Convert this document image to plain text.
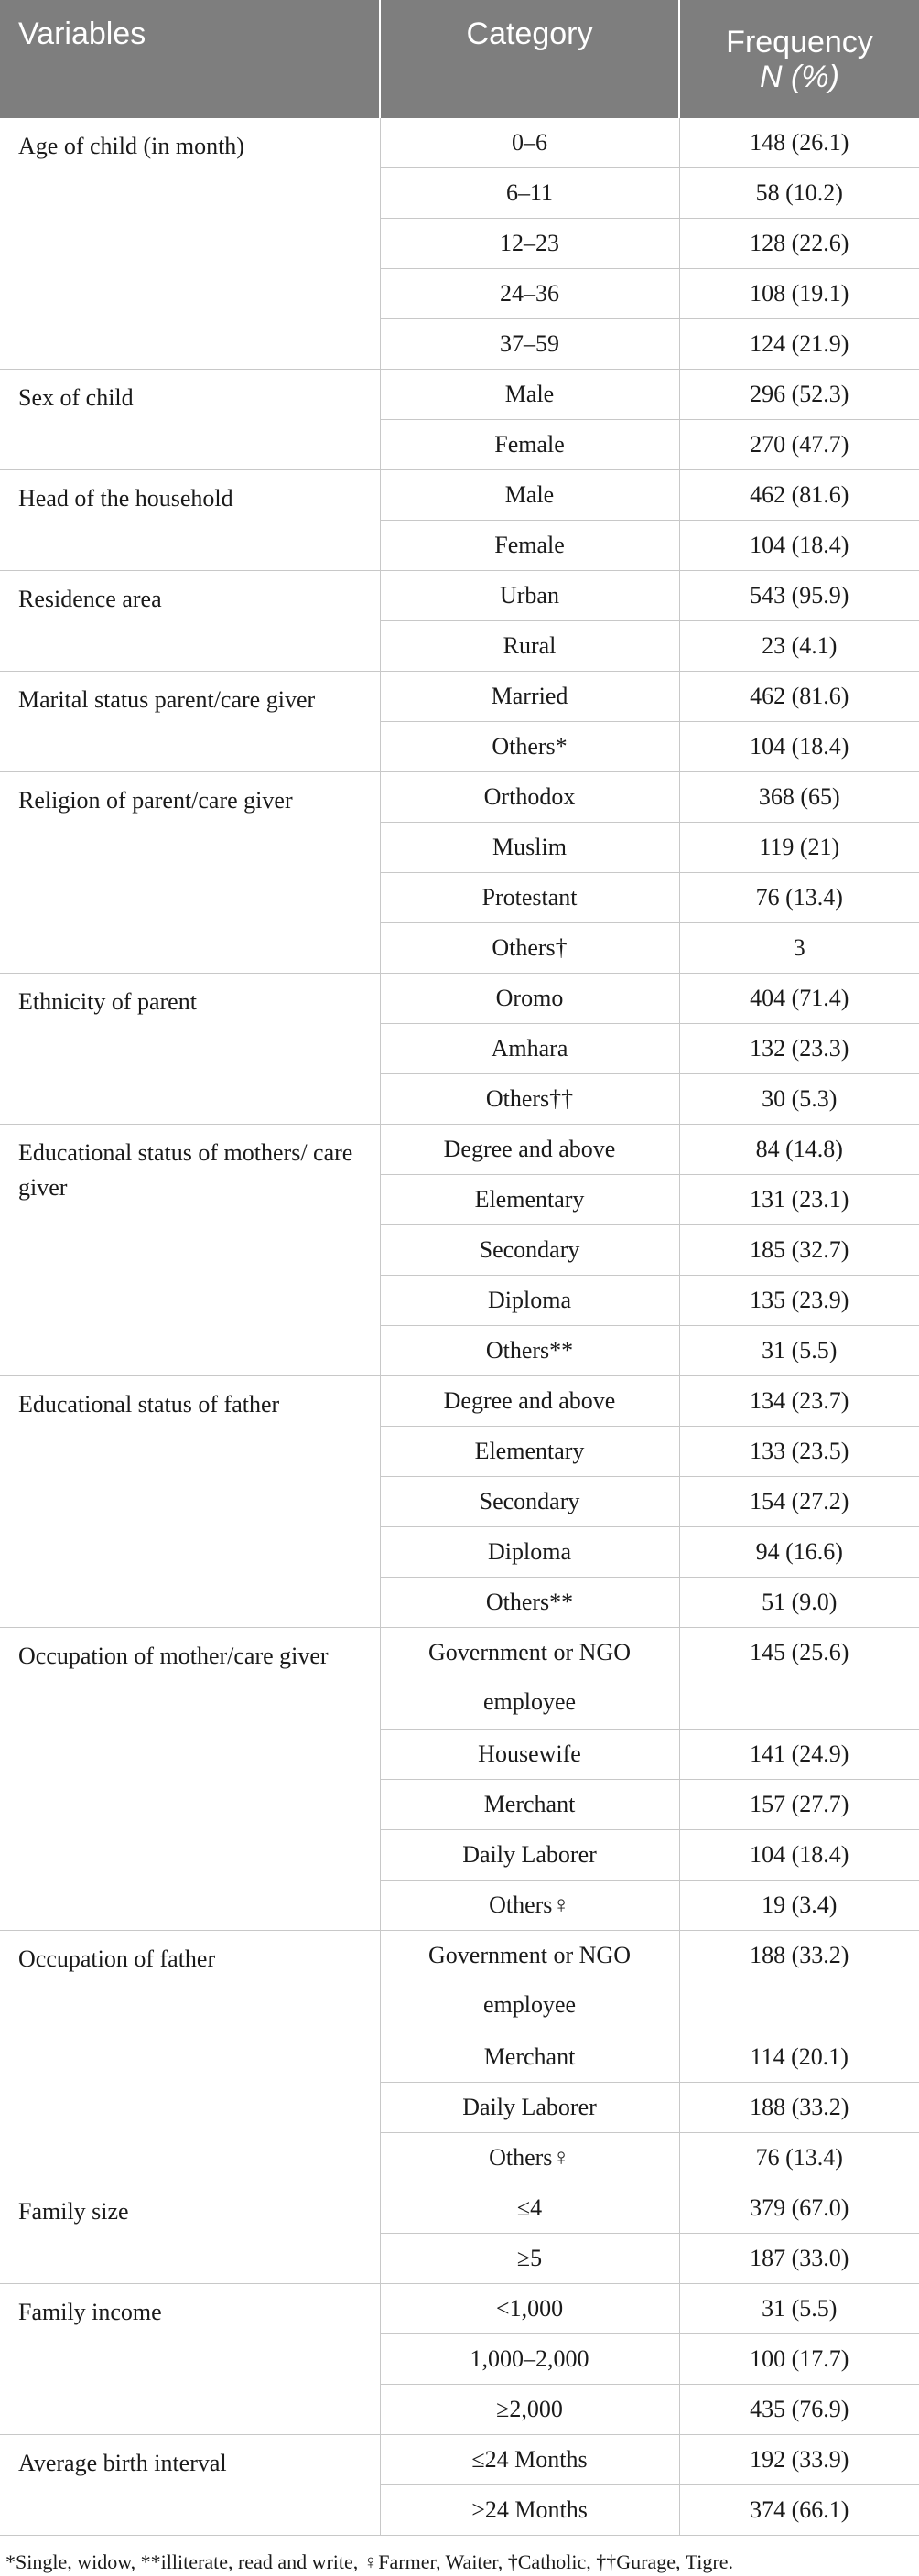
Variables	Category	Frequency
N (%)

Age of child (in month)	0–6	148 (26.1)
	6–11	58 (10.2)
	12–23	128 (22.6)
	24–36	108 (19.1)
	37–59	124 (21.9)
Sex of child	Male	296 (52.3)
	Female	270 (47.7)
Head of the household	Male	462 (81.6)
	Female	104 (18.4)
Residence area	Urban	543 (95.9)
	Rural	23 (4.1)
Marital status parent/care giver	Married	462 (81.6)
	Others*	104 (18.4)
Religion of parent/care giver	Orthodox	368 (65)
	Muslim	119 (21)
	Protestant	76 (13.4)
	Others†	3
Ethnicity of parent	Oromo	404 (71.4)
	Amhara	132 (23.3)
	Others††	30 (5.3)
Educational status of mothers/ care giver	Degree and above	84 (14.8)
	Elementary	131 (23.1)
	Secondary	185 (32.7)
	Diploma	135 (23.9)
	Others**	31 (5.5)
Educational status of father	Degree and above	134 (23.7)
	Elementary	133 (23.5)
	Secondary	154 (27.2)
	Diploma	94 (16.6)
	Others**	51 (9.0)
Occupation of mother/care giver	Government or NGO employee	145 (25.6)
	Housewife	141 (24.9)
	Merchant	157 (27.7)
	Daily Laborer	104 (18.4)
	Others♀	19 (3.4)
Occupation of father	Government or NGO employee	188 (33.2)
	Merchant	114 (20.1)
	Daily Laborer	188 (33.2)
	Others♀	76 (13.4)
Family size	≤4	379 (67.0)
	≥5	187 (33.0)
Family income	<1,000	31 (5.5)
	1,000–2,000	100 (17.7)
	≥2,000	435 (76.9)
Average birth interval	≤24 Months	192 (33.9)
	>24 Months	374 (66.1)
*Single, widow, **illiterate, read and write, ♀Farmer, Waiter, †Catholic, ††Gurage, Tigre.
